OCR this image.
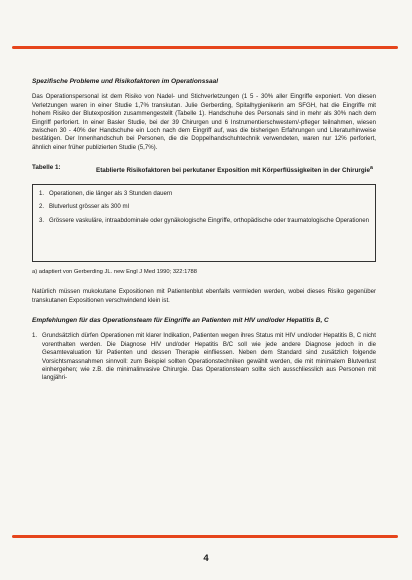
Spezifische Probleme und Risikofaktoren im Operationssaal

Das Operationspersonal ist dem Risiko von Nadel- und Stichverletzungen (1 5 - 30% aller Eingriffe exponiert. Von diesen Verletzungen waren in einer Studie 1,7% transkutan. Julie Gerberding, Spitalhygienikerin am SFGH, hat die Eingriffe mit hohem Risiko der Blutexposition zusammengestellt (Tabelle 1). Handschuhe des Personals sind in mehr als 30% nach dem Eingriff perforiert. In einer Basler Studie, bei der 39 Chirurgen und 6 Instrumentierschwestern/-pfleger teilnahmen, wiesen zwischen 30 - 40% der Handschuhe ein Loch nach dem Eingriff auf, was die bisherigen Erfahrungen und Literaturhinweise bestätigen. Der Innenhandschuh bei Personen, die die Doppelhandschuhtechnik verwendeten, waren nur 12% perforiert, ähnlich einer früher publizierten Studie (5,7%).

Tabelle 1:	Etablierte Risikofaktoren bei perkutaner Exposition mit Körperflüssigkeiten in der Chirurgie$^a$
1. Operationen, die länger als 3 Stunden dauern
2. Blutverlust grösser als 300 ml
3. Grössere vaskuläre, intraabdominale oder gynäkologische Eingriffe, orthopädische oder traumatologische Operationen
a) adaptiert von Gerberding JL. new Engl J Med 1990; 322:1788

Natürlich müssen mukokutane Expositionen mit Patientenblut ebenfalls vermieden werden, wobei dieses Risiko gegenüber transkutanen Expositionen verschwindend klein ist.

Empfehlungen für das Operationsteam für Eingriffe an Patienten mit HIV und/oder Hepatitis B, C
1. Grundsätzlich dürfen Operationen mit klarer Indikation, Patienten wegen ihres Status mit HIV und/oder Hepatitis B, C nicht vorenthalten werden. Die Diagnose HIV und/oder Hepatitis B/C soll wie jede andere Diagnose jedoch in die Gesamtevaluation für Patienten und dessen Therapie einfliessen. Neben dem Standard sind zusätzlich folgende Vorsichtsmassnahmen sinnvoll: zum Beispiel sollten Operationstechniken gewählt werden, die mit minimalem Blutverlust einhergehen; wie z.B. die minimalinvasive Chirurgie. Das Operationsteam sollte sich ausschliesslich aus Personen mit langjähri-
4
